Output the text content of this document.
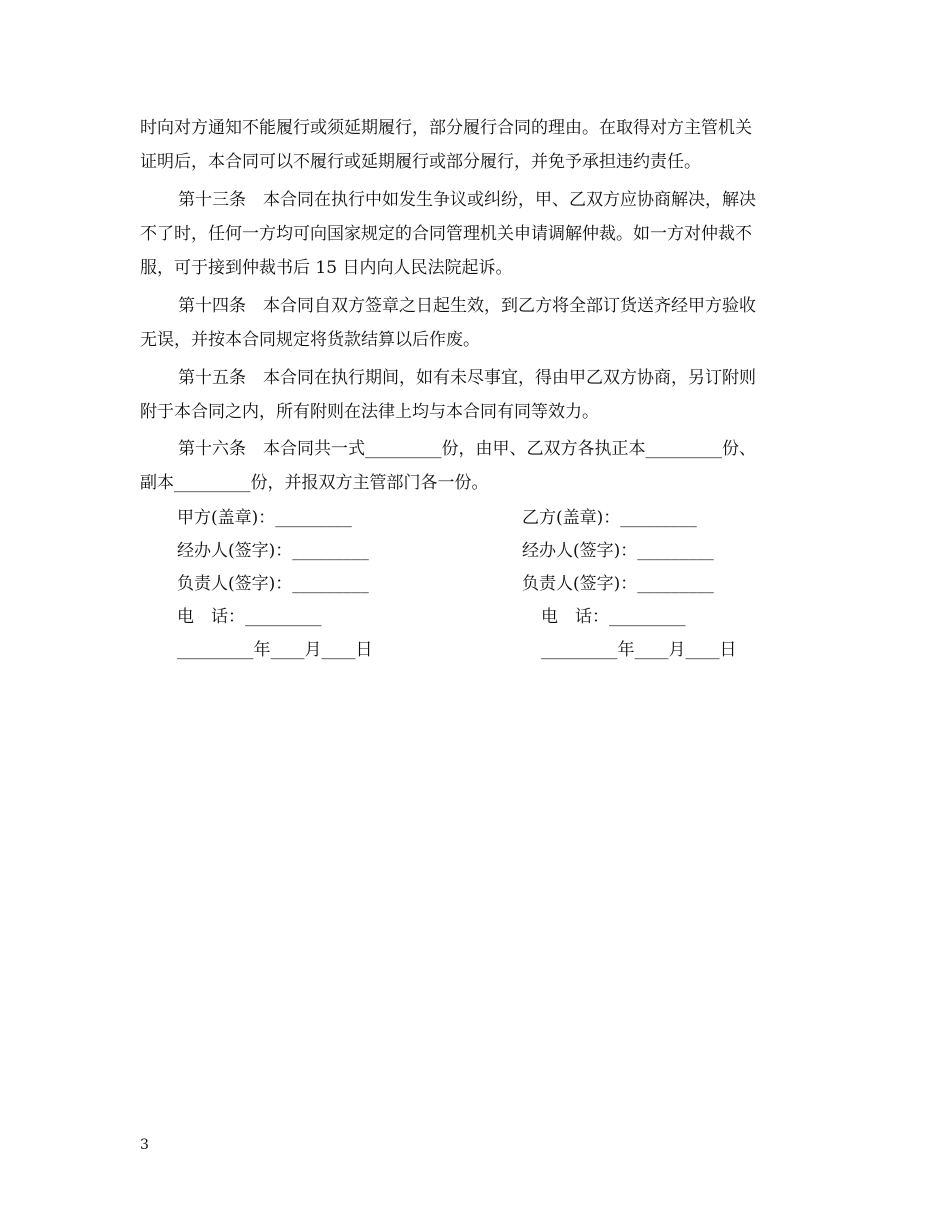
时向对方通知不能履行或须延期履行，部分履行合同的理由。在取得对方主管机关
证明后，本合同可以不履行或延期履行或部分履行，并免予承担违约责任。
第十三条　本合同在执行中如发生争议或纠纷，甲、乙双方应协商解决，解决
不了时，任何一方均可向国家规定的合同管理机关申请调解仲裁。如一方对仲裁不
服，可于接到仲裁书后 15 日内向人民法院起诉。
第十四条　本合同自双方签章之日起生效，到乙方将全部订货送齐经甲方验收
无误，并按本合同规定将货款结算以后作废。
第十五条　本合同在执行期间，如有未尽事宜，得由甲乙双方协商，另订附则
附于本合同之内，所有附则在法律上均与本合同有同等效力。
第十六条　本合同共一式_________份，由甲、乙双方各执正本_________份、
副本_________份，并报双方主管部门各一份。
甲方(盖章)：_________
经办人(签字)：_________
负责人(签字)：_________
电　话：_________
_________年____月____日
乙方(盖章)：_________
经办人(签字)：_________
负责人(签字)：_________
电　话：_________
_________年____月____日
3
